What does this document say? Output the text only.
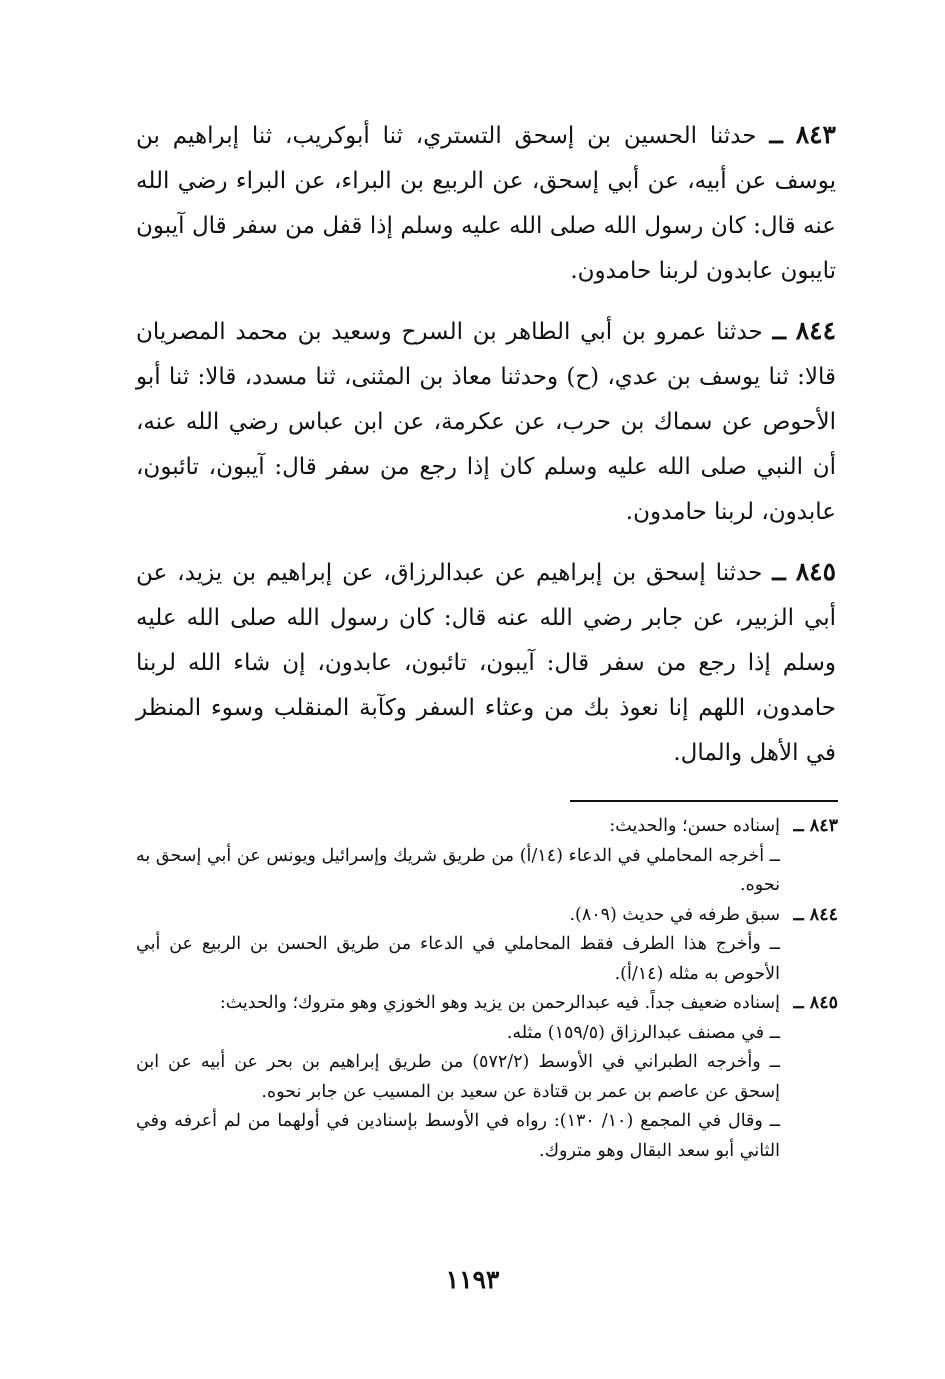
٨٤٣ ــ حدثنا الحسين بن إسحق التستري، ثنا أبوكريب، ثنا إبراهيم بن يوسف عن أبيه، عن أبي إسحق، عن الربيع بن البراء، عن البراء رضي الله عنه قال: كان رسول الله صلى الله عليه وسلم إذا قفل من سفر قال آيبون تايبون عابدون لربنا حامدون.

٨٤٤ ــ حدثنا عمرو بن أبي الطاهر بن السرح وسعيد بن محمد المصريان قالا: ثنا يوسف بن عدي، (ح) وحدثنا معاذ بن المثنى، ثنا مسدد، قالا: ثنا أبو الأحوص عن سماك بن حرب، عن عكرمة، عن ابن عباس رضي الله عنه، أن النبي صلى الله عليه وسلم كان إذا رجع من سفر قال: آيبون، تائبون، عابدون، لربنا حامدون.

٨٤٥ ــ حدثنا إسحق بن إبراهيم عن عبدالرزاق، عن إبراهيم بن يزيد، عن أبي الزبير، عن جابر رضي الله عنه قال: كان رسول الله صلى الله عليه وسلم إذا رجع من سفر قال: آيبون، تائبون، عابدون، إن شاء الله لربنا حامدون، اللهم إنا نعوذ بك من وعثاء السفر وكآبة المنقلب وسوء المنظر في الأهل والمال.

٨٤٣ ــ
إسناده حسن؛ والحديث:
ــ أخرجه المحاملي في الدعاء (١٤/أ) من طريق شريك وإسرائيل ويونس عن أبي إسحق به نحوه.
٨٤٤ ــ
سبق طرفه في حديث (٨٠٩).
ــ وأخرج هذا الطرف فقط المحاملي في الدعاء من طريق الحسن بن الربيع عن أبي الأحوص به مثله (١٤/أ).
٨٤٥ ــ
إسناده ضعيف جداً. فيه عبدالرحمن بن يزيد وهو الخوزي وهو متروك؛ والحديث:
ــ في مصنف عبدالرزاق (١٥٩/٥) مثله.
ــ وأخرجه الطبراني في الأوسط (٥٧٢/٢) من طريق إبراهيم بن بحر عن أبيه عن ابن إسحق عن عاصم بن عمر بن قتادة عن سعيد بن المسيب عن جابر نحوه.
ــ وقال في المجمع (١٠/ ١٣٠): رواه في الأوسط بإسنادين في أولهما من لم أعرفه وفي الثاني أبو سعد البقال وهو متروك.
١١٩٣
